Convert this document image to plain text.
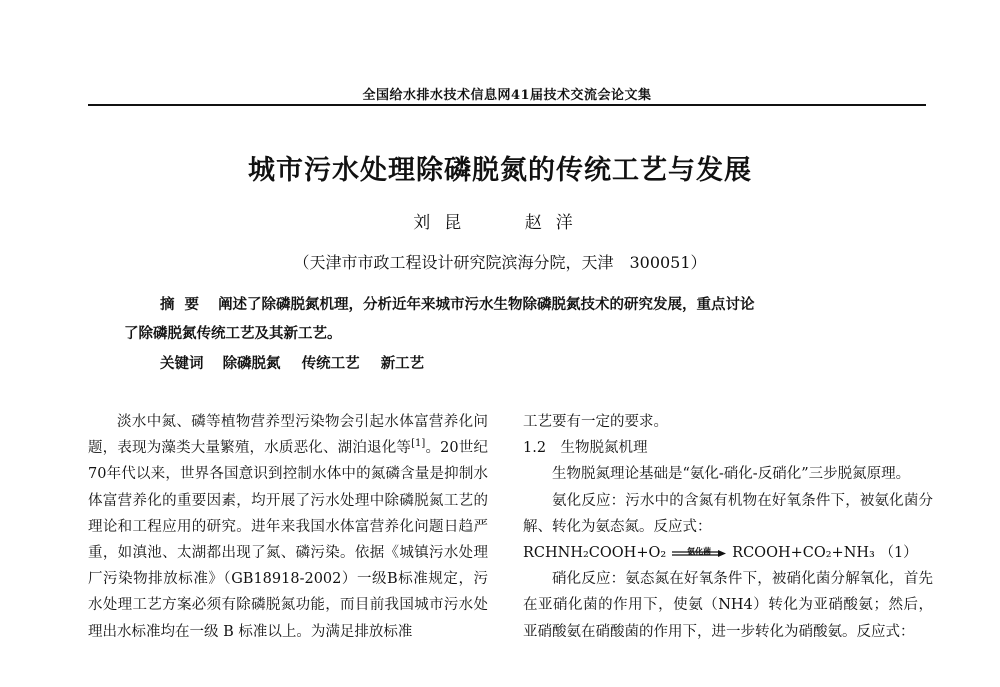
全国给水排水技术信息网41届技术交流会论文集
城市污水处理除磷脱氮的传统工艺与发展
刘昆	赵洋
（天津市市政工程设计研究院滨海分院，天津　300051）
摘要 阐述了除磷脱氮机理，分析近年来城市污水生物除磷脱氮技术的研究发展，重点讨论
了除磷脱氮传统工艺及其新工艺。
关键词 除磷脱氮 传统工艺 新工艺

淡水中氮、磷等植物营养型污染物会引起水体富营养化问题，表现为藻类大量繁殖，水质恶化、湖泊退化等[1]。20世纪70年代以来，世界各国意识到控制水体中的氮磷含量是抑制水体富营养化的重要因素，均开展了污水处理中除磷脱氮工艺的理论和工程应用的研究。进年来我国水体富营养化问题日趋严重，如滇池、太湖都出现了氮、磷污染。依据《城镇污水处理厂污染物排放标准》（GB18918-2002）一级B标准规定，污水处理工艺方案必须有除磷脱氮功能，而目前我国城市污水处理出水标准均在一级 B 标准以上。为满足排放标准

工艺要有一定的要求。

1.2　生物脱氮机理

生物脱氮理论基础是“氨化-硝化-反硝化”三步脱氮原理。

氨化反应：污水中的含氮有机物在好氧条件下，被氨化菌分解、转化为氨态氮。反应式：

RCHNH₂COOH+O₂	氨化菌	RCOOH+CO₂+NH₃ （1）

硝化反应：氨态氮在好氧条件下，被硝化菌分解氧化，首先在亚硝化菌的作用下，使氨（NH4）转化为亚硝酸氨；然后，亚硝酸氨在硝酸菌的作用下，进一步转化为硝酸氨。反应式：
